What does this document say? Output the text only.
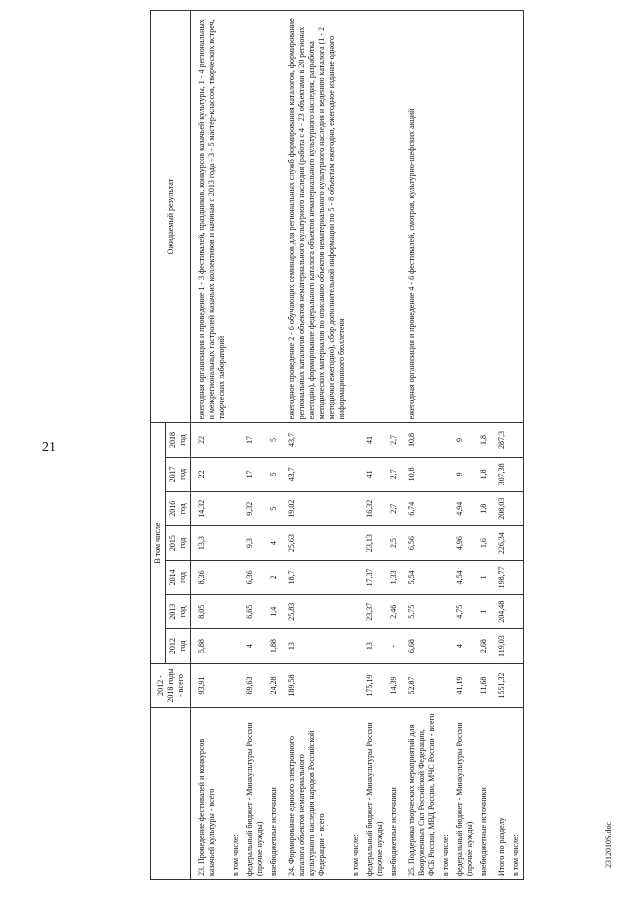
21
	2012 - 2018 годы - всего	В том числе							Ожидаемый результат
		2012 год	2013 год	2014 год	2015 год	2016 год	2017 год	2018 год	
23. Проведение фестивалей и конкурсов казачьей культуры - всего	93,91	5,88	8,05	8,36	13,3	14,32	22	22	ежегодная организация и проведение 1 - 3 фестивалей, праздников, конкурсов казачьей культуры, 1 - 4 региональных и межрегиональных гастролей казачьих коллективов и начиная с 2013 года - 3 - 5 мастер-классов, творческих встреч, творческих лабораторий
в том числе:									
федеральный бюджет - Минкультуры России (прочие нужды)	69,63	4	6,65	6,36	9,3	9,32	17	17	
внебюджетные источники	24,28	1,88	1,4	2	4	5	5	5	
24. Формирование единого электронного каталога объектов нематериального культурного наследия народов Российской Федерации - всего	189,58	13	25,83	18,7	25,63	19,02	43,7	43,7	ежегодное проведение 2 - 6 обучающих семинаров для региональных служб формирования каталогов, формирование региональных каталогов объектов нематериального культурного наследия (работа с 4 - 23 объектами в 20 регионах ежегодно), формирование федерального каталога объектов нематериального культурного наследия, разработка методических материалов по описанию объектов нематериального культурного наследия и ведению каталога (1 - 2 методички ежегодно), сбор дополнительной информации по 5 - 8 объектам ежегодно, ежегодное издание одного информационного бюллетеня
в том числе:									
федеральный бюджет - Минкультуры России (прочие нужды)	175,19	13	23,37	17,37	23,13	16,32	41	41	
внебюджетные источники	14,39	-	2,46	1,33	2,5	2,7	2,7	2,7	
25. Поддержка творческих мероприятий для Вооруженных Сил Российской Федерации, ФСБ России, МВД России, МЧС России - всего	52,87	6,68	5,75	5,54	6,56	6,74	10,8	10,8	ежегодная организация и проведение 4 - 6 фестивалей, смотров, культурно-шефских акций
в том числе:									
федеральный бюджет - Минкультуры России (прочие нужды)	41,19	4	4,75	4,54	4,96	4,94	9	9	
внебюджетные источники	11,68	2,68	1	1	1,6	1,8	1,8	1,8	
Итого по разделу	1551,32	119,03	204,48	198,77	226,34	208,03	307,38	287,3	
в том числе:										2312010S.doc
